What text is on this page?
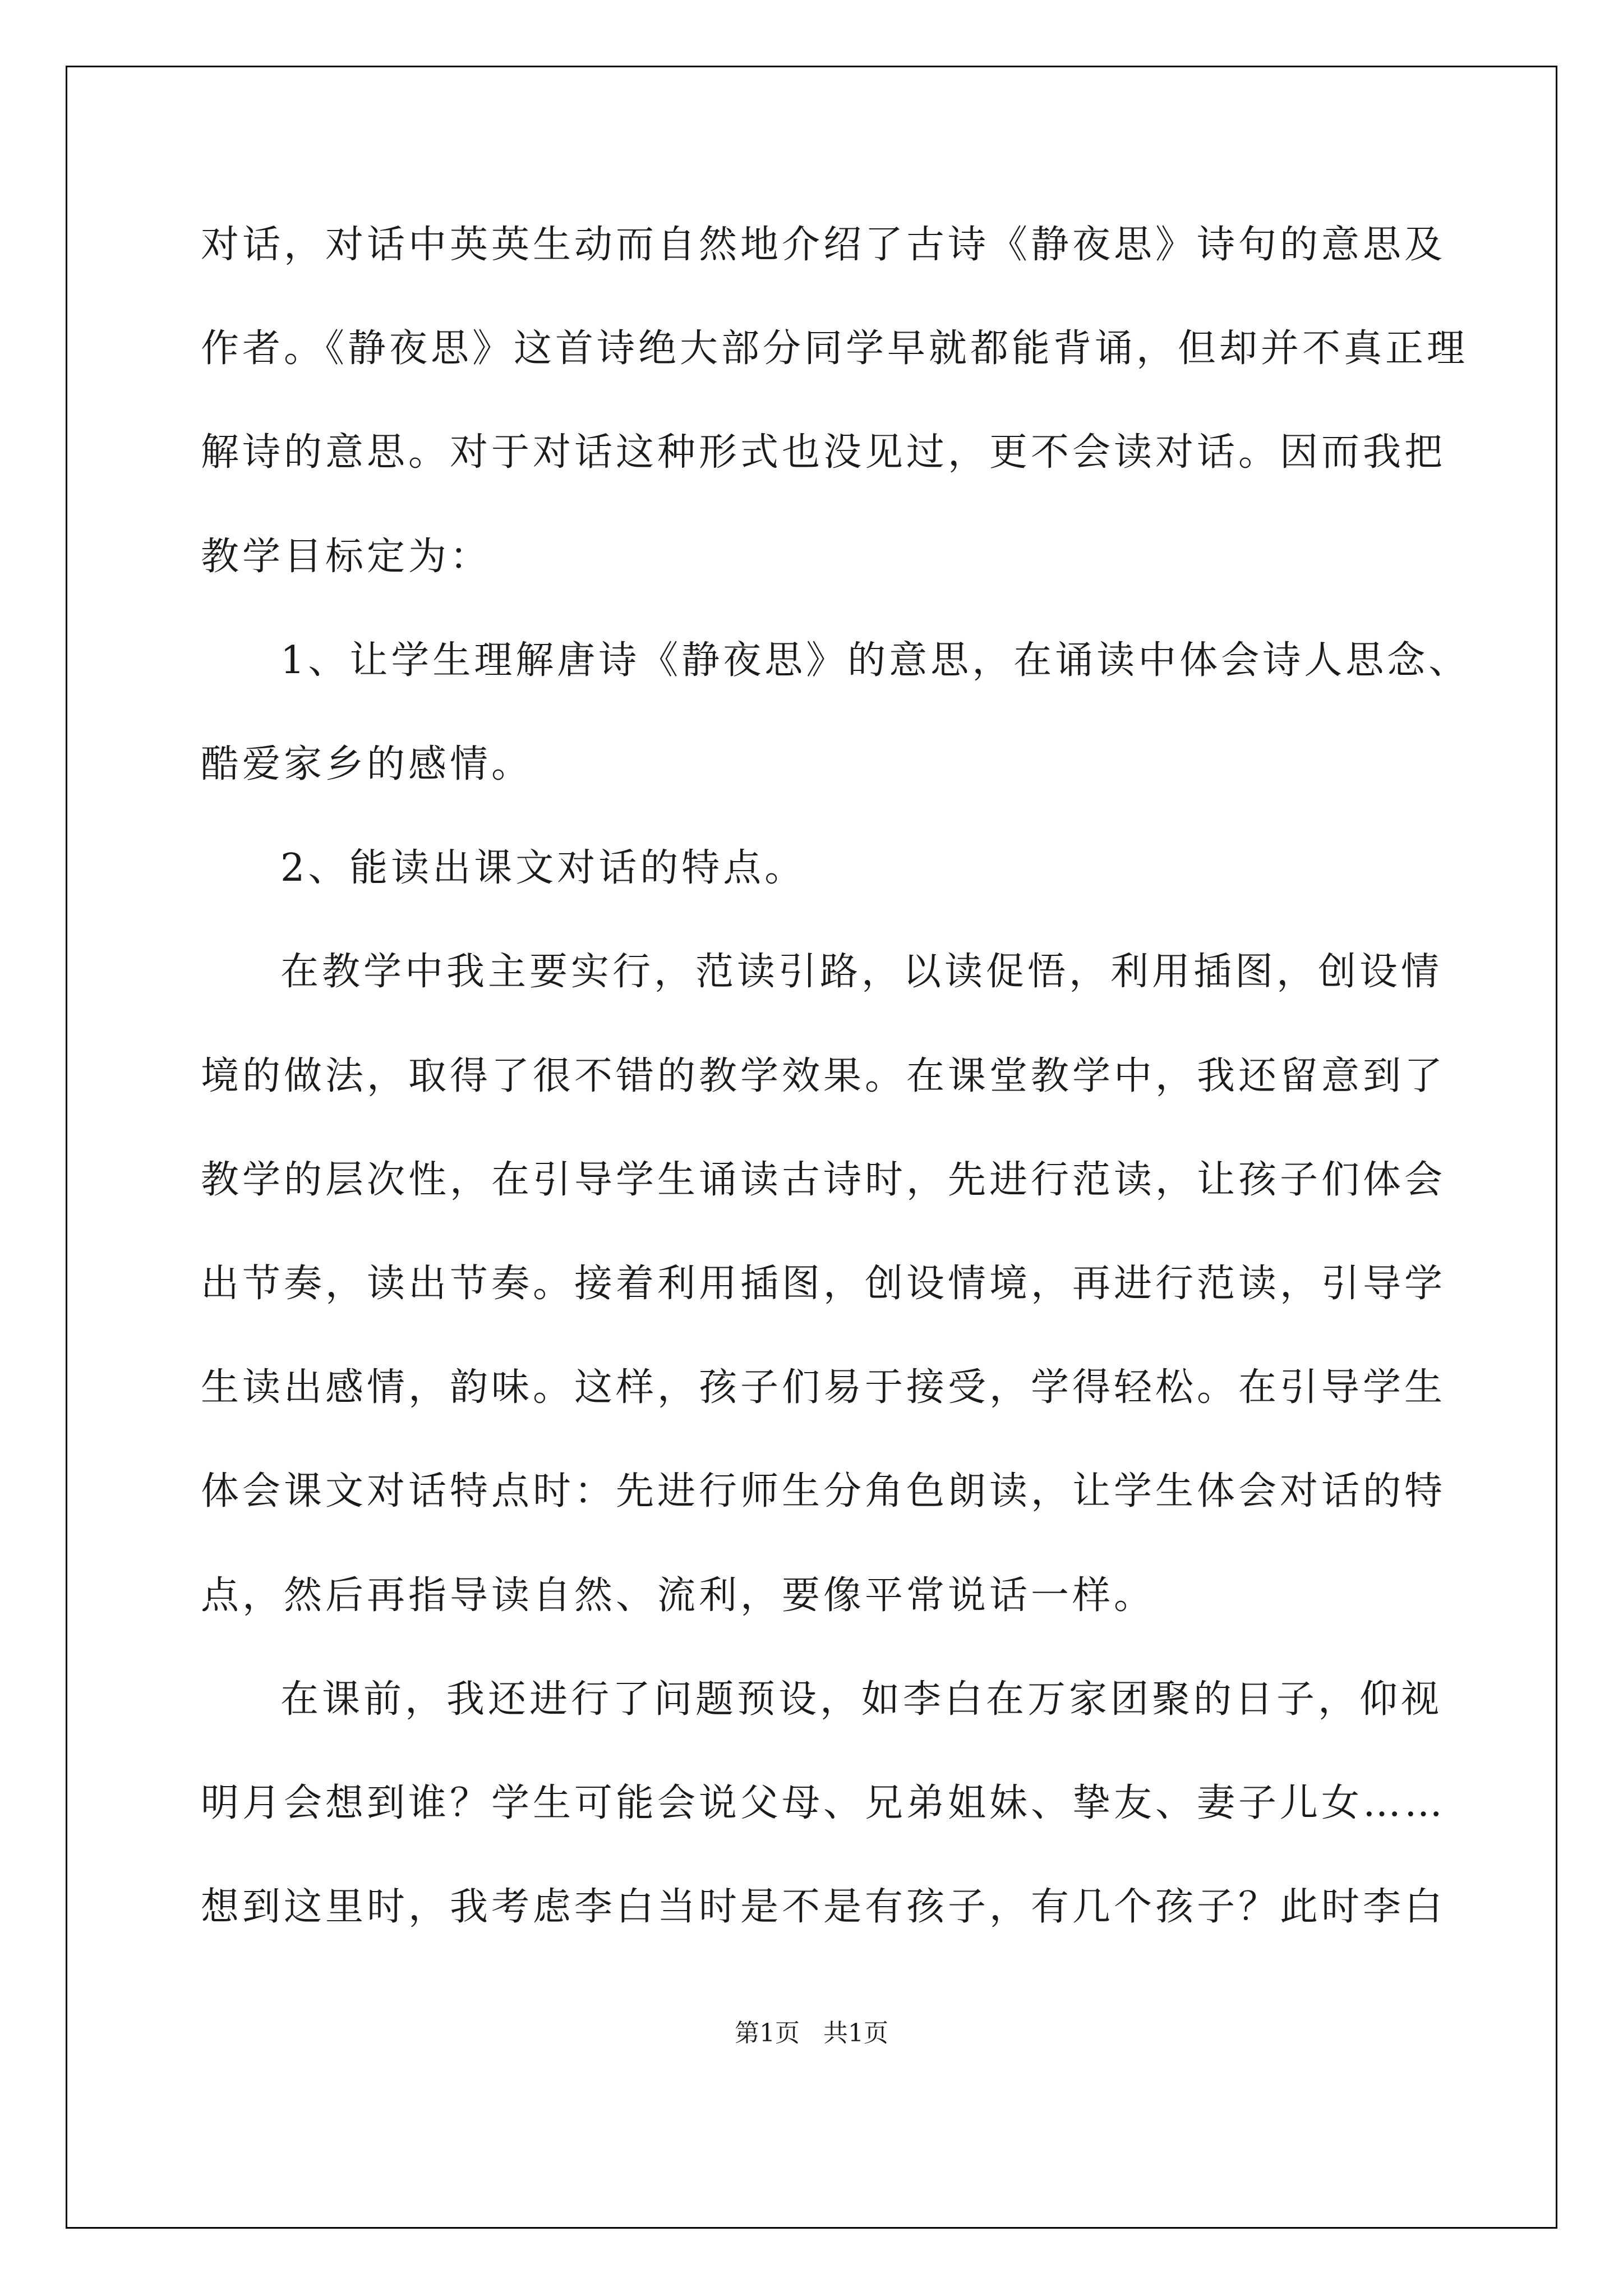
对话，对话中英英生动而自然地介绍了古诗《静夜思》诗句的意思及
作者。《静夜思》这首诗绝大部分同学早就都能背诵，但却并不真正理
解诗的意思。对于对话这种形式也没见过，更不会读对话。因而我把
教学目标定为：
1、让学生理解唐诗《静夜思》的意思，在诵读中体会诗人思念、
酷爱家乡的感情。
2、能读出课文对话的特点。
在教学中我主要实行，范读引路，以读促悟，利用插图，创设情
境的做法，取得了很不错的教学效果。在课堂教学中，我还留意到了
教学的层次性，在引导学生诵读古诗时，先进行范读，让孩子们体会
出节奏，读出节奏。接着利用插图，创设情境，再进行范读，引导学
生读出感情，韵味。这样，孩子们易于接受，学得轻松。在引导学生
体会课文对话特点时：先进行师生分角色朗读，让学生体会对话的特
点，然后再指导读自然、流利，要像平常说话一样。
在课前，我还进行了问题预设，如李白在万家团聚的日子，仰视
明月会想到谁？学生可能会说父母、兄弟姐妹、挚友、妻子儿女……
想到这里时，我考虑李白当时是不是有孩子，有几个孩子？此时李白
第1页 共1页
